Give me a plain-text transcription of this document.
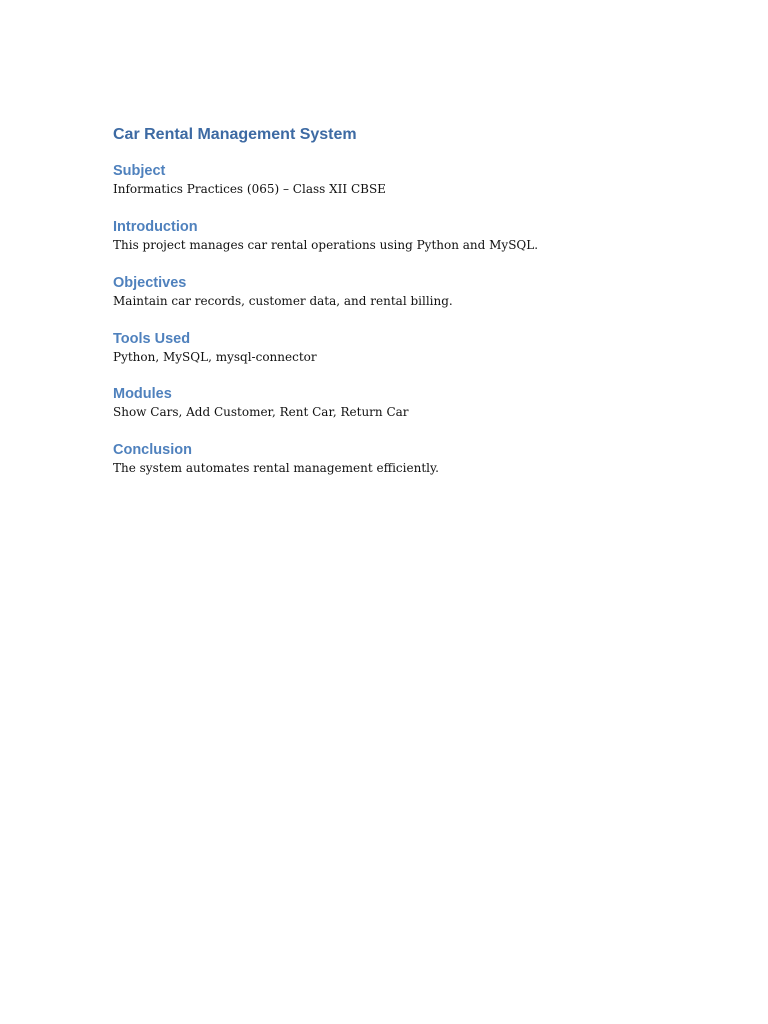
Car Rental Management System
Subject

Informatics Practices (065) – Class XII CBSE

Introduction

This project manages car rental operations using Python and MySQL.

Objectives

Maintain car records, customer data, and rental billing.

Tools Used

Python, MySQL, mysql-connector

Modules

Show Cars, Add Customer, Rent Car, Return Car

Conclusion

The system automates rental management efficiently.
